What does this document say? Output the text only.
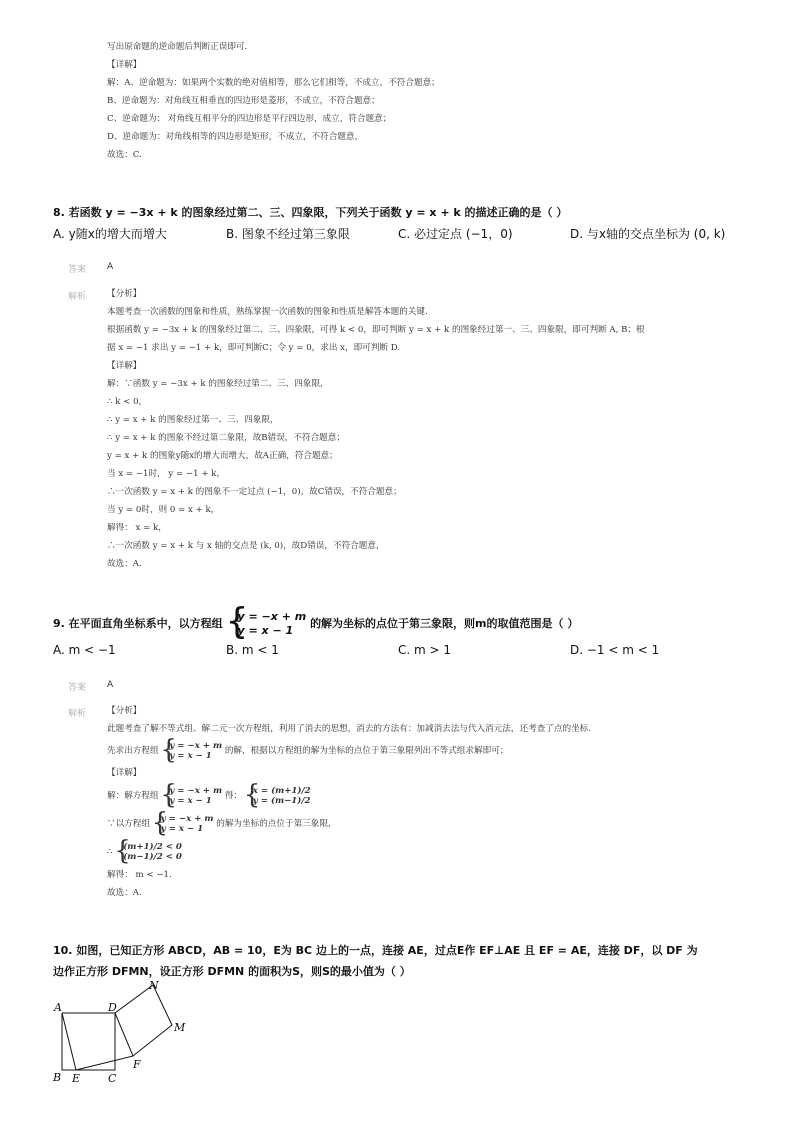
写出原命题的逆命题后判断正误即可.
【详解】
解：A、逆命题为：如果两个实数的绝对值相等，那么它们相等，不成立，不符合题意；
B、逆命题为：对角线互相垂直的四边形是菱形，不成立，不符合题意；
C、逆命题为： 对角线互相平分的四边形是平行四边形，成立，符合题意；
D、逆命题为：对角线相等的四边形是矩形，不成立，不符合题意，
故选：C.
8. 若函数 y = −3x + k 的图象经过第二、三、四象限，下列关于函数 y = x + k 的描述正确的是（ ）
A. y随x的增大而增大	B. 图象不经过第三象限	C. 必过定点 (−1，0)	D. 与x轴的交点坐标为 (0, k)
答案 A
解析 【分析】
本题考查一次函数的图象和性质，熟练掌握一次函数的图象和性质是解答本题的关键.
根据函数 y = −3x + k 的图象经过第二、三、四象限，可得 k < 0，即可判断 y = x + k 的图象经过第一、三、四象限，即可判断 A, B；根
据 x = −1 求出 y = −1 + k，即可判断C；令 y = 0，求出 x，即可判断 D.
【详解】
解：∵函数 y = −3x + k 的图象经过第二、三、四象限，
∴ k < 0，
∴ y = x + k 的图象经过第一、三、四象限，
∴ y = x + k 的图象不经过第二象限，故B错误，不符合题意；
y = x + k 的图象y随x的增大而增大，故A正确，符合题意；
当 x = −1时， y = −1 + k，
∴一次函数 y = x + k 的图象不一定过点 (−1，0)，故C错误，不符合题意；
当 y = 0时，则 0 = x + k，
解得： x = k，
∴一次函数 y = x + k 与 x 轴的交点是 (k, 0)，故D错误，不符合题意，
故选：A.
9. 在平面直角坐标系中，以方程组
{ y = −x + m
y = x − 1
的解为坐标的点位于第三象限，则m的取值范围是（ ）
A. m < −1	B. m < 1	C. m > 1	D. −1 < m < 1
答案 A
解析 【分析】
此题考查了解不等式组、解二元一次方程组，利用了消去的思想，消去的方法有：加减消去法与代入消元法，还考查了点的坐标.
先求出方程组
{ y = −x + m
y = x − 1	的解，根据以方程组的解为坐标的点位于第三象限列出不等式组求解即可；
【详解】
解：解方程组
{ y = −x + m
y = x − 1	得：
{ x = (m+1)/2
y = (m−1)/2
∵以方程组
{ y = −x + m
y = x − 1	的解为坐标的点位于第三象限，
∴
{ (m+1)/2 < 0
(m−1)/2 < 0
解得： m < −1.
故选：A.
10. 如图，已知正方形 ABCD，AB = 10，E为 BC 边上的一点，连接 AE，过点E作 EF⊥AE 且 EF = AE，连接 DF，以 DF 为
边作正方形 DFMN，设正方形 DFMN 的面积为S，则S的最小值为（ ）
A
B E	C
D
F
M
N
